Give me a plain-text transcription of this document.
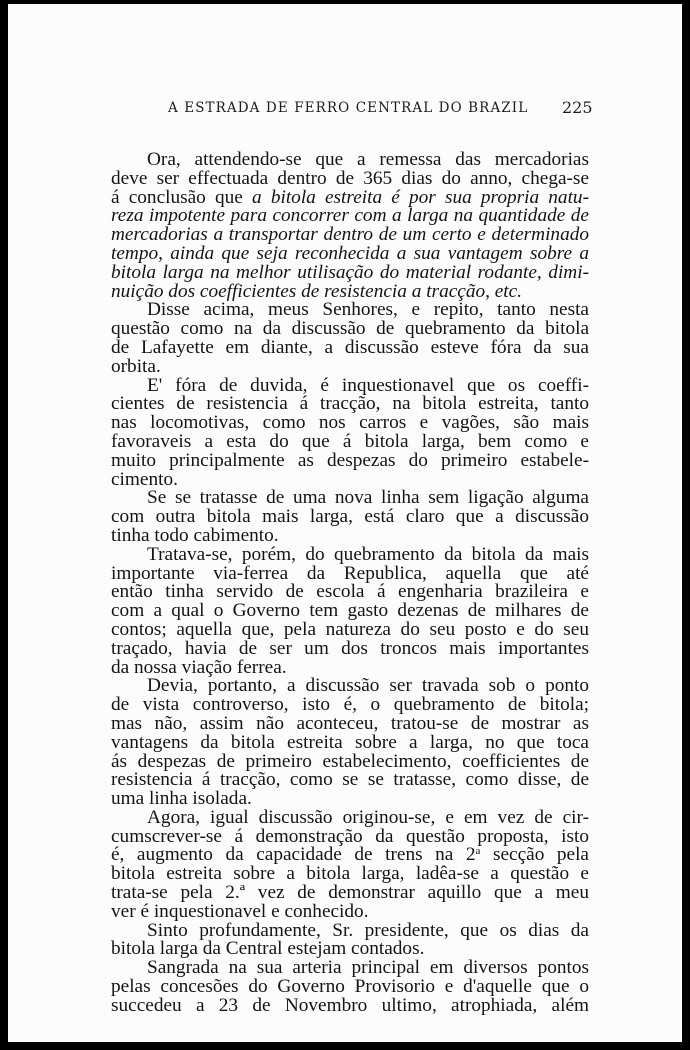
A ESTRADA DE FERRO CENTRAL DO BRAZIL 225
Ora, attendendo-se que a remessa das mercadorias
deve ser effectuada dentro de 365 dias do anno, chega-se
á conclusão que a bitola estreita é por sua propria natu-
reza impotente para concorrer com a larga na quantidade de
mercadorias a transportar dentro de um certo e determinado
tempo, ainda que seja reconhecida a sua vantagem sobre a
bitola larga na melhor utilisação do material rodante, dimi-
nuição dos coefficientes de resistencia a tracção, etc.
Disse acima, meus Senhores, e repito, tanto nesta
questão como na da discussão de quebramento da bitola
de Lafayette em diante, a discussão esteve fóra da sua
orbita.
E' fóra de duvida, é inquestionavel que os coeffi-
cientes de resistencia á tracção, na bitola estreita, tanto
nas locomotivas, como nos carros e vagões, são mais
favoraveis a esta do que á bitola larga, bem como e
muito principalmente as despezas do primeiro estabele-
cimento.
Se se tratasse de uma nova linha sem ligação alguma
com outra bitola mais larga, está claro que a discussão
tinha todo cabimento.
Tratava-se, porém, do quebramento da bitola da mais
importante via-ferrea da Republica, aquella que até
então tinha servido de escola á engenharia brazileira e
com a qual o Governo tem gasto dezenas de milhares de
contos; aquella que, pela natureza do seu posto e do seu
traçado, havia de ser um dos troncos mais importantes
da nossa viação ferrea.
Devia, portanto, a discussão ser travada sob o ponto
de vista controverso, isto é, o quebramento de bitola;
mas não, assim não aconteceu, tratou-se de mostrar as
vantagens da bitola estreita sobre a larga, no que toca
ás despezas de primeiro estabelecimento, coefficientes de
resistencia á tracção, como se se tratasse, como disse, de
uma linha isolada.
Agora, igual discussão originou-se, e em vez de cir-
cumscrever-se á demonstração da questão proposta, isto
é, augmento da capacidade de trens na 2$^a$ secção pela
bitola estreita sobre a bitola larga, ladêa-se a questão e
trata-se pela 2.ª vez de demonstrar aquillo que a meu
ver é inquestionavel e conhecido.
Sinto profundamente, Sr. presidente, que os dias da
bitola larga da Central estejam contados.
Sangrada na sua arteria principal em diversos pontos
pelas concesões do Governo Provisorio e d'aquelle que o
succedeu a 23 de Novembro ultimo, atrophiada, além
